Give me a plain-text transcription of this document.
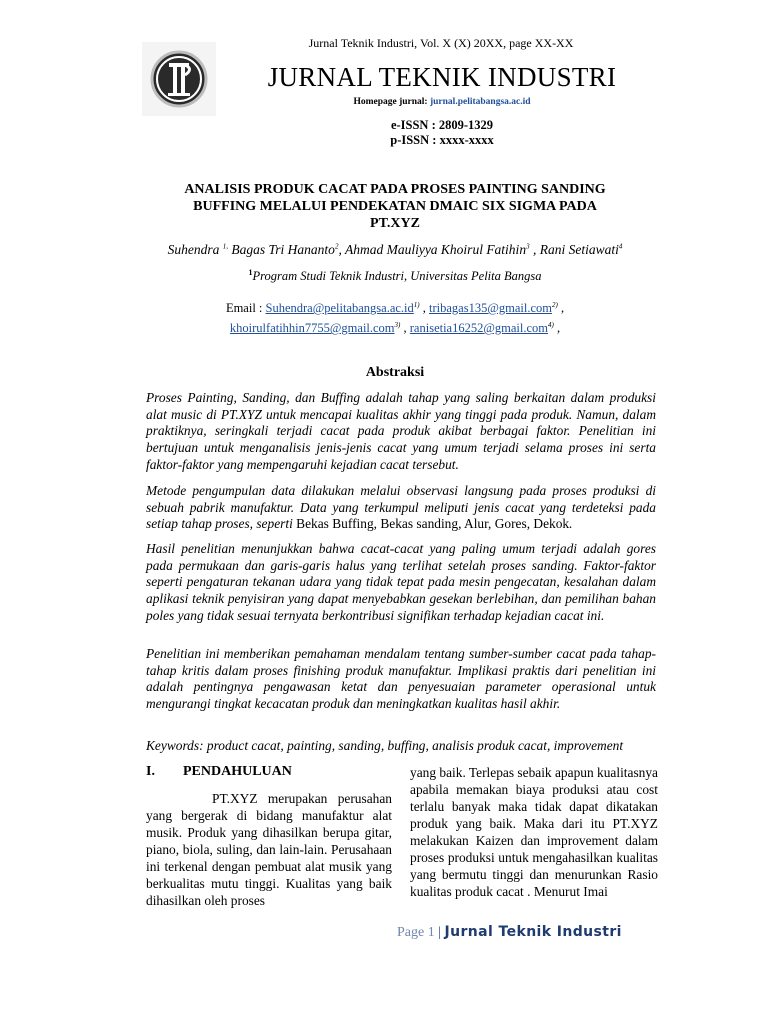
Jurnal Teknik Industri, Vol. X (X) 20XX, page XX-XX
JURNAL TEKNIK INDUSTRI
Homepage jurnal: jurnal.pelitabangsa.ac.id
e-ISSN : 2809-1329
p-ISSN : xxxx-xxxx
ANALISIS PRODUK CACAT PADA PROSES PAINTING SANDING
BUFFING MELALUI PENDEKATAN DMAIC SIX SIGMA PADA
PT.XYZ
Suhendra $^{1,}$ Bagas Tri Hananto$^2$, Ahmad Mauliyya Khoirul Fatihin$^3$ , Rani Setiawati$^4$
$^1$Program Studi Teknik Industri, Universitas Pelita Bangsa
Email : $Suhendra@pelitabangsa.ac.id^{1)}$ , tribagas135@gmail.com$^{2)}$ ,
khoirulfatihhin7755@gmail.com$^{3)}$ , ranisetia16252@gmail.com$^{4)}$ ,
Abstraksi
Proses Painting, Sanding, dan Buffing adalah tahap yang saling berkaitan dalam produksi alat music di PT.XYZ untuk mencapai kualitas akhir yang tinggi pada produk. Namun, dalam praktiknya, seringkali terjadi cacat pada produk akibat berbagai faktor. Penelitian ini bertujuan untuk menganalisis jenis-jenis cacat yang umum terjadi selama proses ini serta faktor-faktor yang mempengaruhi kejadian cacat tersebut.
Metode pengumpulan data dilakukan melalui observasi langsung pada proses produksi di sebuah pabrik manufaktur. Data yang terkumpul meliputi jenis cacat yang terdeteksi pada setiap tahap proses, seperti Bekas Buffing, Bekas sanding, Alur, Gores, Dekok.
Hasil penelitian menunjukkan bahwa cacat-cacat yang paling umum terjadi adalah gores pada permukaan dan garis-garis halus yang terlihat setelah proses sanding. Faktor-faktor seperti pengaturan tekanan udara yang tidak tepat pada mesin pengecatan, kesalahan dalam aplikasi teknik penyisiran yang dapat menyebabkan gesekan berlebihan, dan pemilihan bahan poles yang tidak sesuai ternyata berkontribusi signifikan terhadap kejadian cacat ini.
Penelitian ini memberikan pemahaman mendalam tentang sumber-sumber cacat pada tahap-tahap kritis dalam proses finishing produk manufaktur. Implikasi praktis dari penelitian ini adalah pentingnya pengawasan ketat dan penyesuaian parameter operasional untuk mengurangi tingkat kecacatan produk dan meningkatkan kualitas hasil akhir.
Keywords: product cacat, painting, sanding, buffing, analisis produk cacat, improvement
I. PENDAHULUAN
PT.XYZ merupakan perusahan yang bergerak di bidang manufaktur alat musik. Produk yang dihasilkan berupa gitar, piano, biola, suling, dan lain-lain. Perusahaan ini terkenal dengan pembuat alat musik yang berkualitas mutu tinggi. Kualitas yang baik dihasilkan oleh proses
yang baik. Terlepas sebaik apapun kualitasnya apabila memakan biaya produksi atau cost terlalu banyak maka tidak dapat dikatakan produk yang baik. Maka dari itu PT.XYZ melakukan Kaizen dan improvement dalam proses produksi untuk mengahasilkan kualitas yang bermutu tinggi dan menurunkan Rasio kualitas produk cacat . Menurut Imai
Page 1 | Jurnal Teknik Industri
